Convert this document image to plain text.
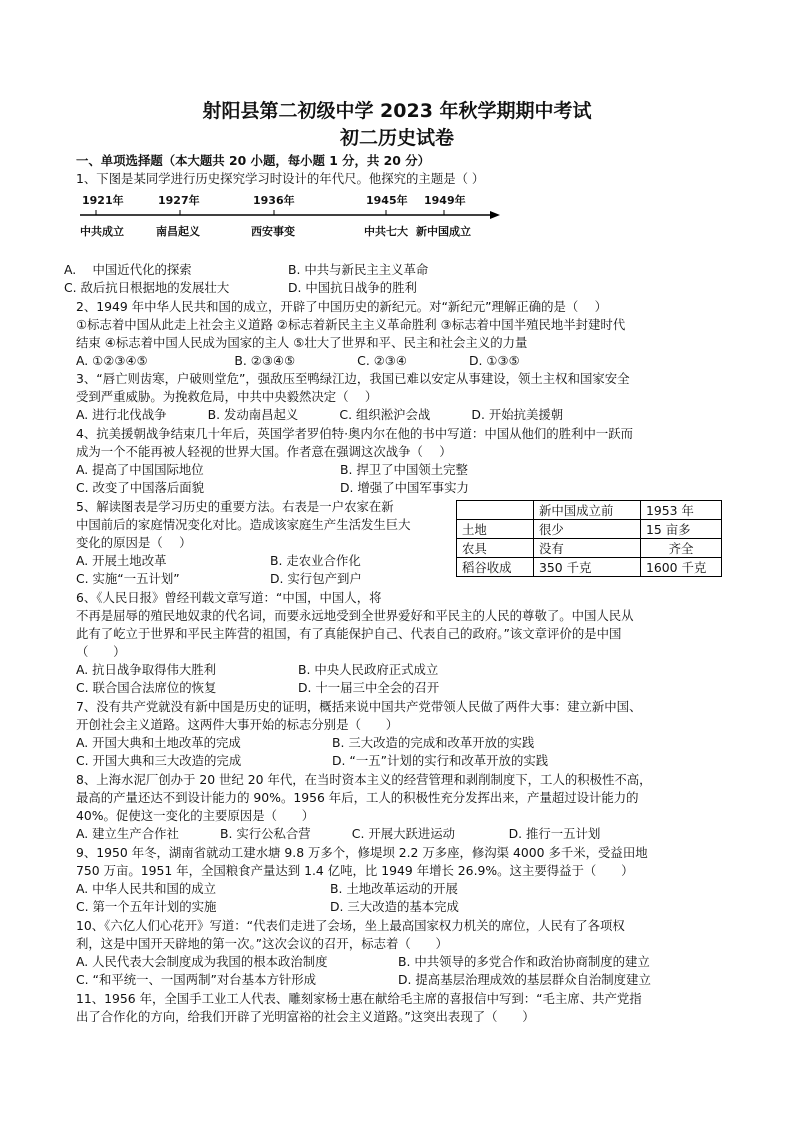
射阳县第二初级中学 2023 年秋学期期中考试
初二历史试卷
一、单项选择题（本大题共 20 小题，每小题 1 分，共 20 分）
1、下图是某同学进行历史探究学习时设计的年代尺。他探究的主题是（ ）
1921年	1927年	1936年	1945年 1949年
中共成立	南昌起义	西安事变	中共七大 新中国成立
A.　 中国近代化的探索	B. 中共与新民主主义革命
C. 敌后抗日根据地的发展壮大	D. 中国抗日战争的胜利
2、1949 年中华人民共和国的成立，开辟了中国历史的新纪元。对“新纪元”理解正确的是（　 ）
①标志着中国从此走上社会主义道路 ②标志着新民主主义革命胜利 ③标志着中国半殖民地半封建时代
结束 ④标志着中国人民成为国家的主人 ⑤壮大了世界和平、民主和社会主义的力量
A. ①②③④⑤　　　　　　　B. ②③④⑤　　　　　C. ②③④　　　　　D. ①③⑤
3、“唇亡则齿寒，户破则堂危”，强敌压至鸭绿江边，我国已难以安定从事建设，领土主权和国家安全
受到严重威胁。为挽救危局，中共中央毅然决定（　 ）
A. 进行北伐战争　　　 B. 发动南昌起义　　　 C. 组织淞沪会战　　　 D. 开始抗美援朝
4、抗美援朝战争结束几十年后，英国学者罗伯特·奥内尔在他的书中写道：中国从他们的胜利中一跃而
成为一个不能再被人轻视的世界大国。作者意在强调这次战争（　 ）
A. 提高了中国国际地位	B. 捍卫了中国领土完整
C. 改变了中国落后面貌	D. 增强了中国军事实力
5、解读图表是学习历史的重要方法。右表是一户农家在新
中国前后的家庭情况变化对比。造成该家庭生产生活发生巨大
变化的原因是（　 ）
A. 开展土地改革	B. 走农业合作化
C. 实施“一五计划”	D. 实行包产到户
	新中国成立前	1953 年
土地	很少	15 亩多
农具	没有	齐全
稻谷收成	350 千克	1600 千克
6、《人民日报》曾经刊载文章写道：“中国，中国人，将
不再是屈辱的殖民地奴隶的代名词，而要永远地受到全世界爱好和平民主的人民的尊敬了。中国人民从
此有了屹立于世界和平民主阵营的祖国，有了真能保护自己、代表自己的政府。”该文章评价的是中国
（　　）
A. 抗日战争取得伟大胜利	B. 中央人民政府正式成立
C. 联合国合法席位的恢复	D. 十一届三中全会的召开
7、没有共产党就没有新中国是历史的证明，概括来说中国共产党带领人民做了两件大事：建立新中国、
开创社会主义道路。这两件大事开始的标志分别是（　　）
A. 开国大典和土地改革的完成	B. 三大改造的完成和改革开放的实践
C. 开国大典和三大改造的完成	D. “一五”计划的实行和改革开放的实践
8、上海水泥厂创办于 20 世纪 20 年代，在当时资本主义的经营管理和剥削制度下，工人的积极性不高，
最高的产量还达不到设计能力的 90%。1956 年后，工人的积极性充分发挥出来，产量超过设计能力的
40%。促使这一变化的主要原因是（　　）
A. 建立生产合作社　　　 B. 实行公私合营　　　 C. 开展大跃进运动　　　　 D. 推行一五计划
9、1950 年冬，湖南省就动工建水塘 9.8 万多个，修堤坝 2.2 万多座，修沟渠 4000 多千米，受益田地
750 万亩。1951 年，全国粮食产量达到 1.4 亿吨，比 1949 年增长 26.9%。这主要得益于（　　）
A. 中华人民共和国的成立	B. 土地改革运动的开展
C. 第一个五年计划的实施	D. 三大改造的基本完成
10、《六亿人们心花开》写道：“代表们走进了会场，坐上最高国家权力机关的席位，人民有了各项权
利，这是中国开天辟地的第一次。”这次会议的召开，标志着（　　）
A. 人民代表大会制度成为我国的根本政治制度	B. 中共领导的多党合作和政治协商制度的建立
C. “和平统一、一国两制”对台基本方针形成	D. 提高基层治理成效的基层群众自治制度建立
11、1956 年，全国手工业工人代表、雕刻家杨士惠在献给毛主席的喜报信中写到：“毛主席、共产党指
出了合作化的方向，给我们开辟了光明富裕的社会主义道路。”这突出表现了（　　）
